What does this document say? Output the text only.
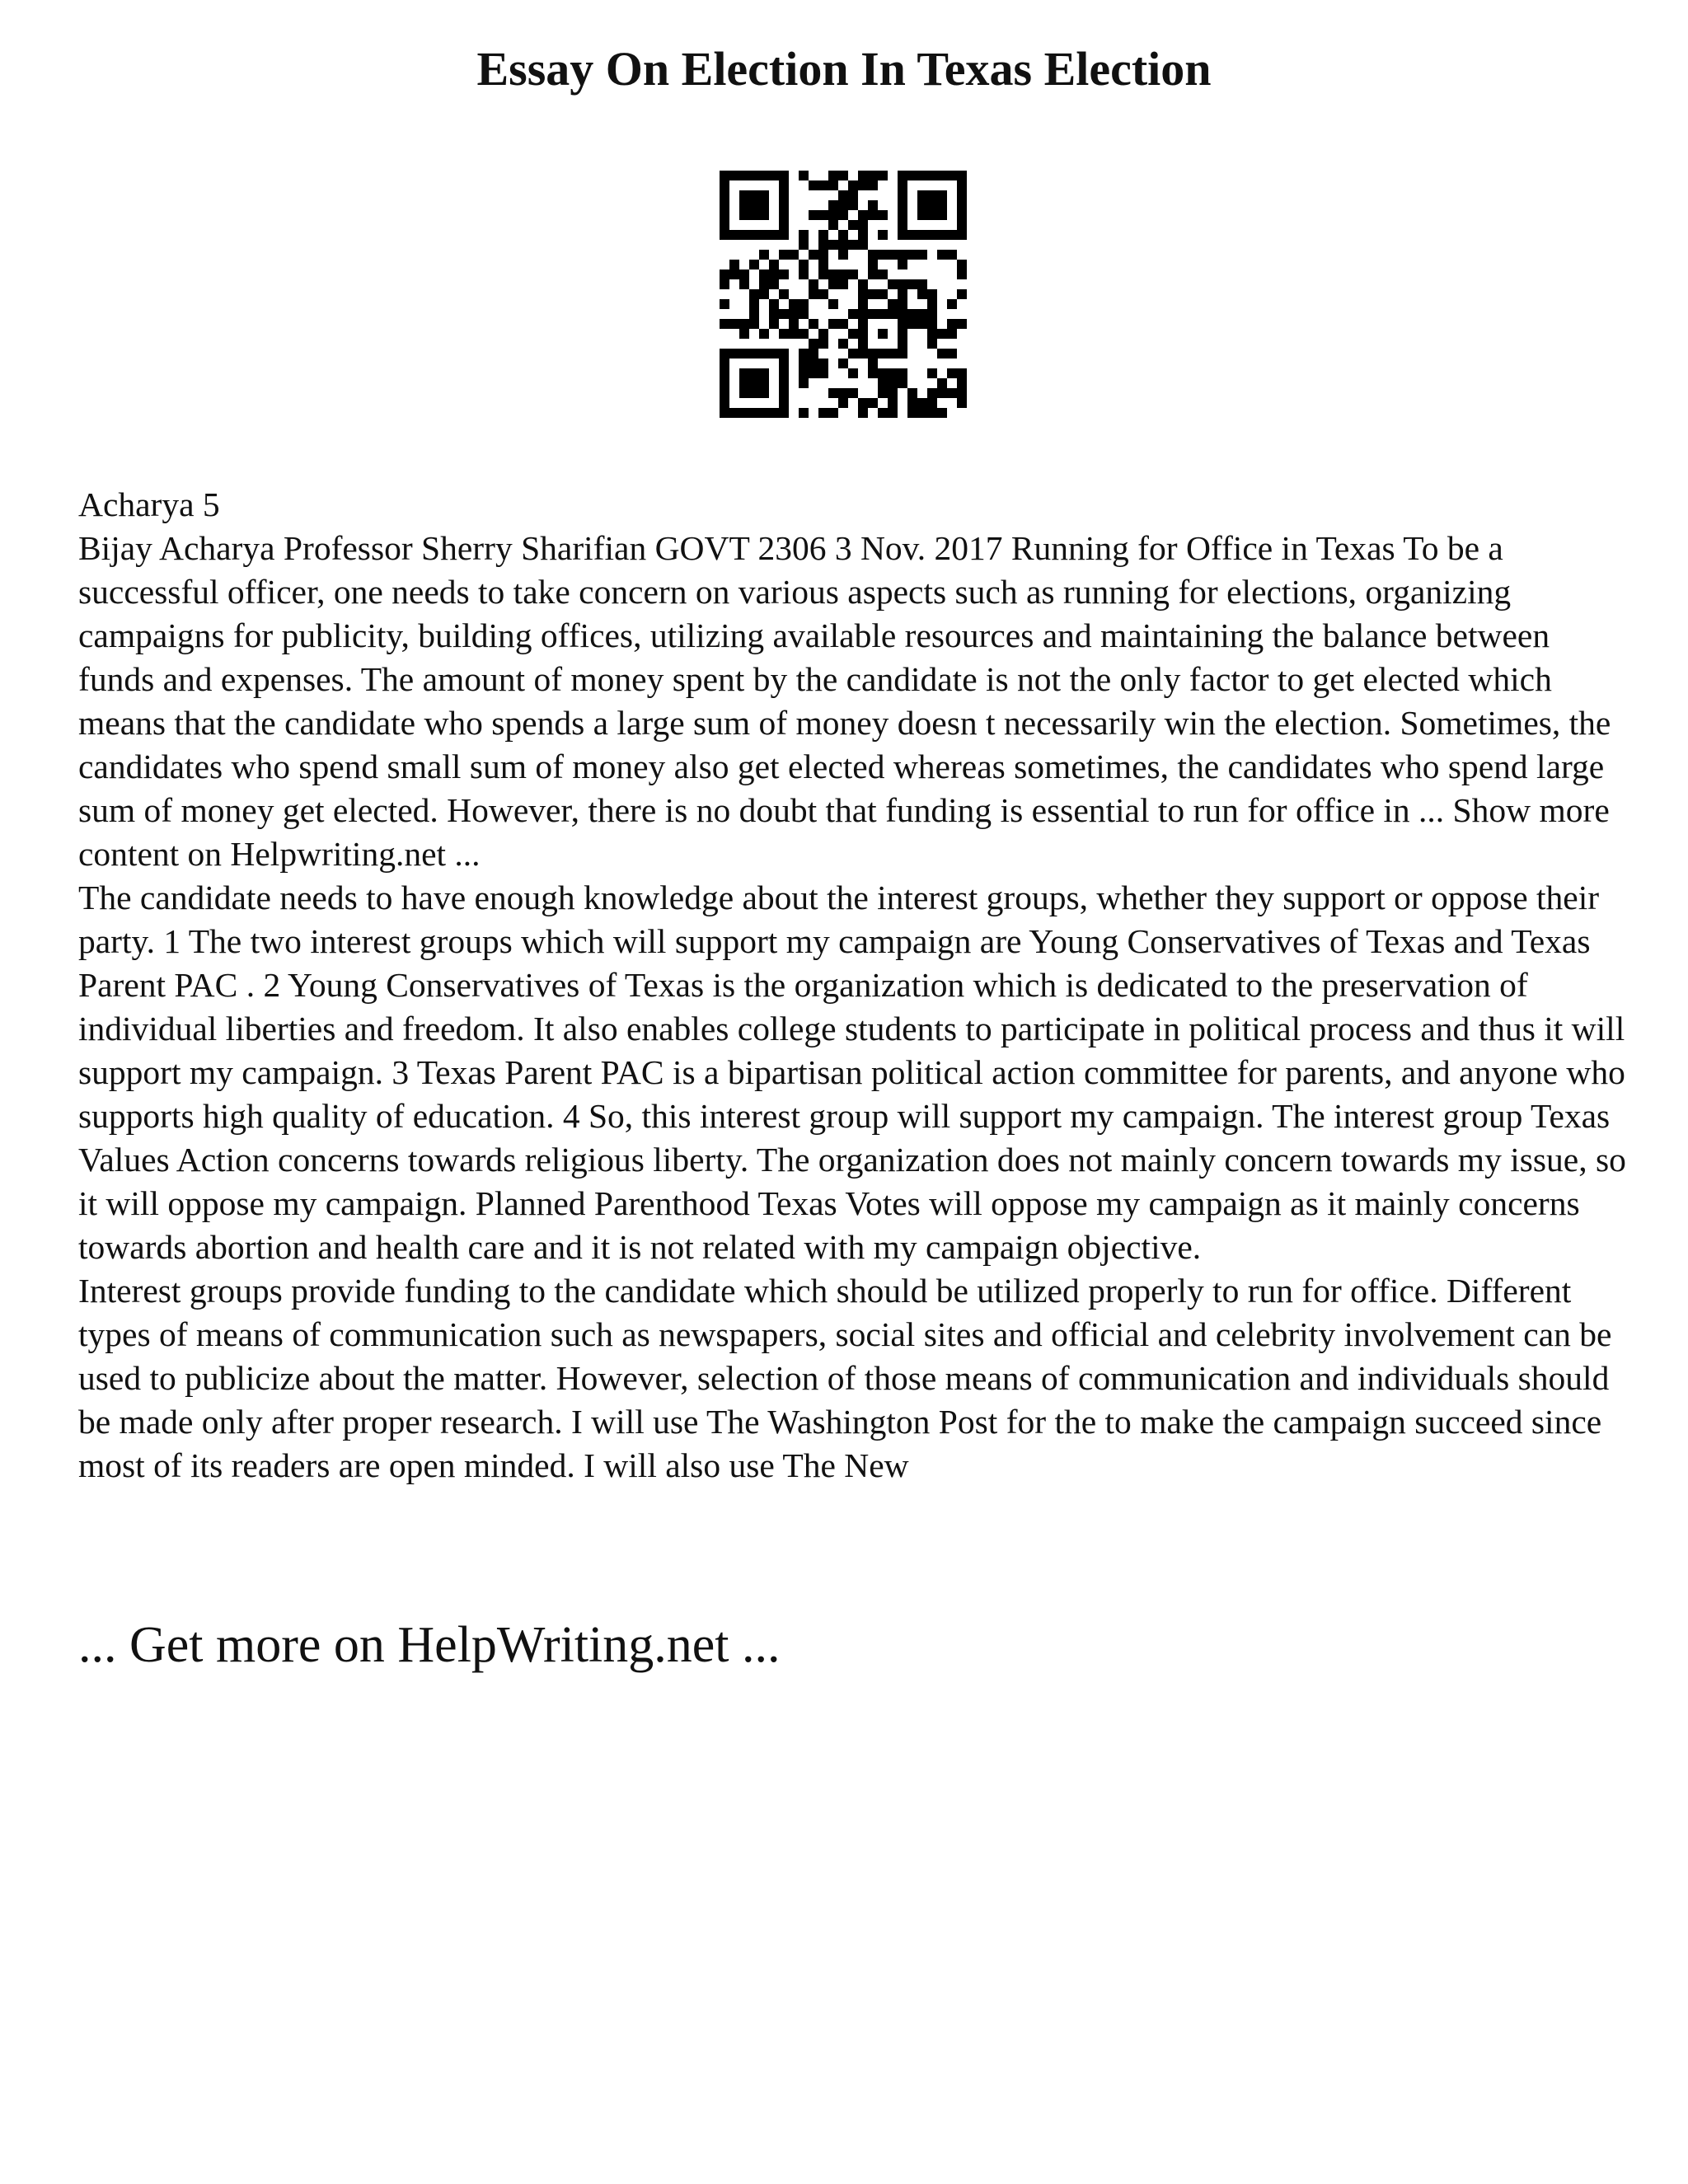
Essay On Election In Texas Election

Acharya 5

Bijay Acharya Professor Sherry Sharifian GOVT 2306 3 Nov. 2017 Running for Office in Texas To be a successful officer, one needs to take concern on various aspects such as running for elections, organizing campaigns for publicity, building offices, utilizing available resources and maintaining the balance between funds and expenses. The amount of money spent by the candidate is not the only factor to get elected which means that the candidate who spends a large sum of money doesn t necessarily win the election. Sometimes, the candidates who spend small sum of money also get elected whereas sometimes, the candidates who spend large sum of money get elected. However, there is no doubt that funding is essential to run for office in ... Show more content on Helpwriting.net ...

The candidate needs to have enough knowledge about the interest groups, whether they support or oppose their party. 1 The two interest groups which will support my campaign are Young Conservatives of Texas and Texas Parent PAC . 2 Young Conservatives of Texas is the organization which is dedicated to the preservation of individual liberties and freedom. It also enables college students to participate in political process and thus it will support my campaign. 3 Texas Parent PAC is a bipartisan political action committee for parents, and anyone who supports high quality of education. 4 So, this interest group will support my campaign. The interest group Texas Values Action concerns towards religious liberty. The organization does not mainly concern towards my issue, so it will oppose my campaign. Planned Parenthood Texas Votes will oppose my campaign as it mainly concerns towards abortion and health care and it is not related with my campaign objective.

Interest groups provide funding to the candidate which should be utilized properly to run for office. Different types of means of communication such as newspapers, social sites and official and celebrity involvement can be used to publicize about the matter. However, selection of those means of communication and individuals should be made only after proper research. I will use The Washington Post for the to make the campaign succeed since most of its readers are open minded. I will also use The New

... Get more on HelpWriting.net ...
